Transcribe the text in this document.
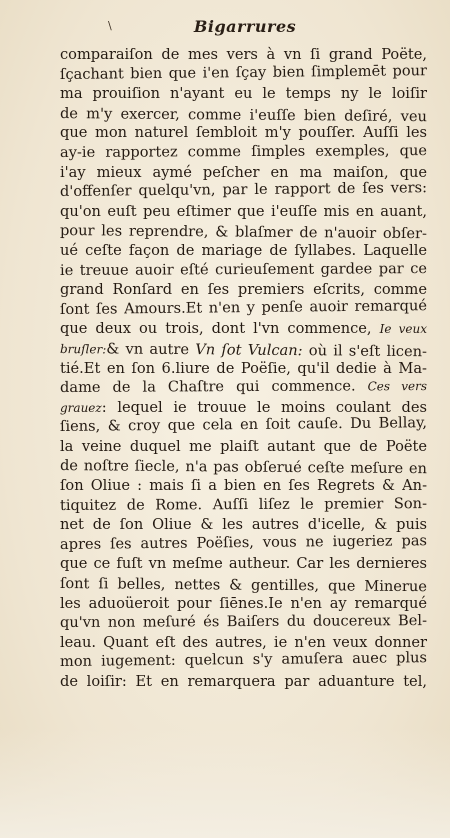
\	Bigarrures
comparaiſon de mes vers à vn ſi grand Poëte,
ſçachant bien que i'en ſçay bien ſimplemēt pour
ma prouiſion n'ayant eu le temps ny le loiſir
de m'y exercer, comme i'euſſe bien deſiré, veu
que mon naturel ſembloit m'y pouſſer. Auſſi les
ay-ie rapportez comme ſimples exemples, que
i'ay mieux aymé peſcher en ma maiſon, que
d'offenſer quelqu'vn, par le rapport de ſes vers:
qu'on euſt peu eſtimer que i'euſſe mis en auant,
pour les reprendre, & blaſmer de n'auoir obſer-
ué ceſte façon de mariage de ſyllabes. Laquelle
ie treuue auoir eſté curieuſement gardee par ce
grand Ronſard en ſes premiers eſcrits, comme
ſont ſes Amours.Et n'en y penſe auoir remarqué
que deux ou trois, dont l'vn commence, Ie veux
bruſler:& vn autre Vn ſot Vulcan: où il s'eſt licen-
tié.Et en ſon 6.liure de Poëſie, qu'il dedie à Ma-
dame de la Chaſtre qui commence. Ces vers
grauez: lequel ie trouue le moins coulant des
ſiens, & croy que cela en ſoit cauſe. Du Bellay,
la veine duquel me plaiſt autant que de Poëte
de noſtre ſiecle, n'a pas obſerué ceſte meſure en
ſon Oliue : mais ſi a bien en ſes Regrets & An-
tiquitez de Rome. Auſſi liſez le premier Son-
net de ſon Oliue & les autres d'icelle, & puis
apres ſes autres Poëſies, vous ne iugeriez pas
que ce fuſt vn meſme autheur. Car les dernieres
ſont ſi belles, nettes & gentilles, que Minerue
les aduoüeroit pour ſiēnes.Ie n'en ay remarqué
qu'vn non meſuré és Baiſers du doucereux Bel-
leau. Quant eſt des autres, ie n'en veux donner
mon iugement: quelcun s'y amuſera auec plus
de loiſir: Et en remarquera par aduanture tel,
